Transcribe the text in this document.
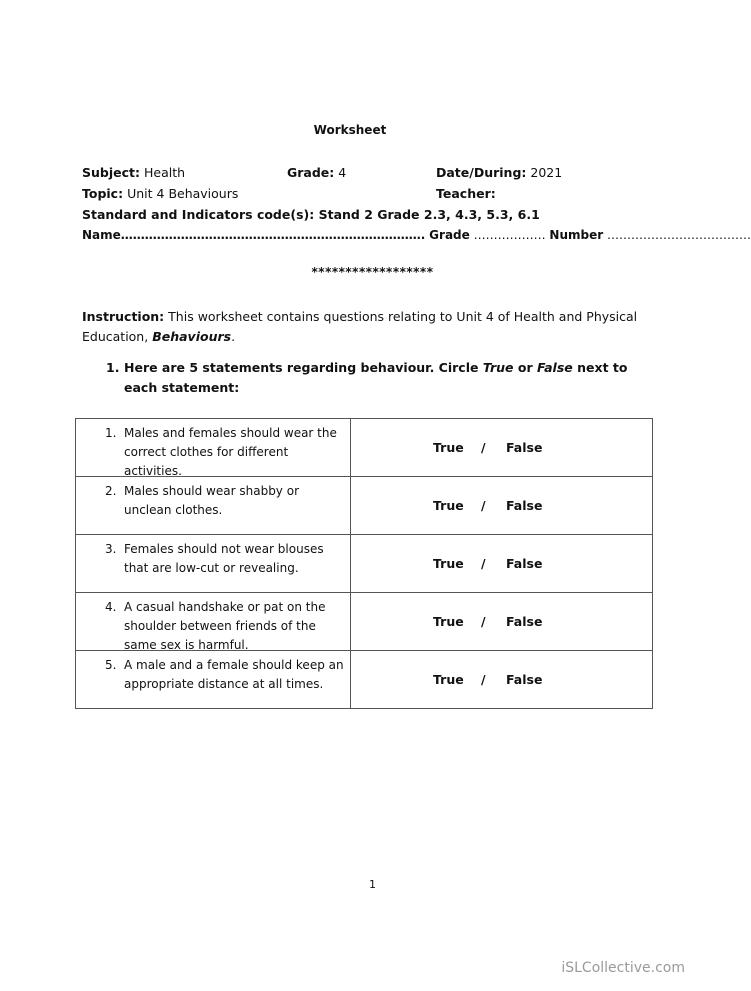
Worksheet
Subject: Health	Grade: 4	Date/During: 2021
Topic: Unit 4 Behaviours	Teacher:
Standard and Indicators code(s): Stand 2 Grade 2.3, 4.3, 5.3, 6.1
Name…………………………………………………………………. Grade ……………… Number ………………………………
******************
Instruction: This worksheet contains questions relating to Unit 4 of Health and Physical Education, Behaviours.
1. Here are 5 statements regarding behaviour. Circle True or False next to each statement:
1. Males and females should wear the correct clothes for different activities.	True / False

2. Males should wear shabby or unclean clothes.	True / False

3. Females should not wear blouses that are low-cut or revealing.	True / False

4. A casual handshake or pat on the shoulder between friends of the same sex is harmful.	True / False

5. A male and a female should keep an appropriate distance at all times.	True / False
1
iSLCollective.com
